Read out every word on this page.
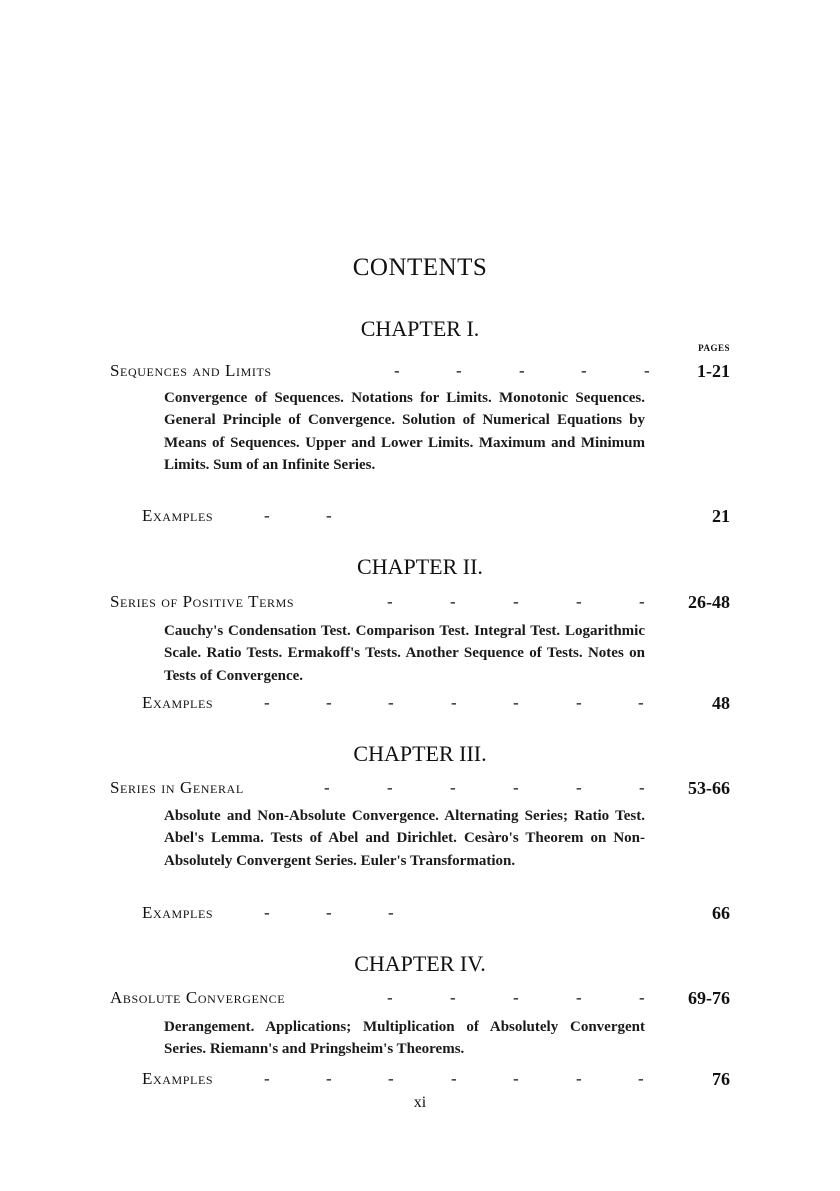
CONTENTS
PAGES
CHAPTER I.
Sequences and Limits	-	-	-	-	-	1-21
Convergence of Sequences. Notations for Limits. Monotonic Sequences. General Principle of Convergence. Solution of Numerical Equations by Means of Sequences. Upper and Lower Limits. Maximum and Minimum Limits. Sum of an Infinite Series.
Examples	-	-	21
CHAPTER II.
Series of Positive Terms	-	-	-	-	- 26-48
Cauchy's Condensation Test. Comparison Test. Integral Test. Logarithmic Scale. Ratio Tests. Ermakoff's Tests. Another Sequence of Tests. Notes on Tests of Convergence.
Examples	-	-	-	-	-	-	-	48
CHAPTER III.
Series in General	-	-	-	-	-	- 53-66
Absolute and Non-Absolute Convergence. Alternating Series; Ratio Test. Abel's Lemma. Tests of Abel and Dirichlet. Cesàro's Theorem on Non-Absolutely Convergent Series. Euler's Transformation.
Examples	-	-	-	66
CHAPTER IV.
Absolute Convergence	-	-	-	-	- 69-76
Derangement. Applications; Multiplication of Absolutely Convergent Series. Riemann's and Pringsheim's Theorems.
Examples	-	-	-	-	-	-	-	76
xi
